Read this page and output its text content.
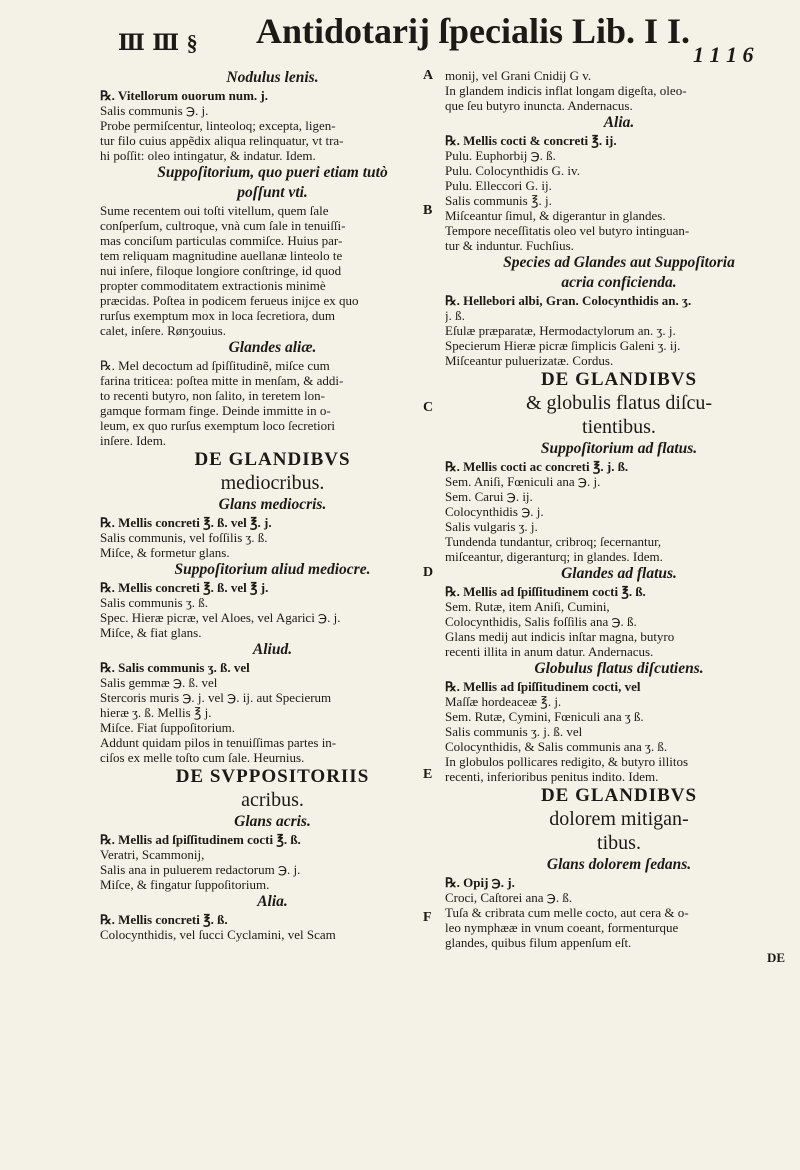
Ⅲ Ⅲ § Antidotarij ſpecialis Lib. I I.
1 1 1 6
A
B
C
D
E
F
Nodulus lenis.
℞. Vitellorum ouorum num. j.
Salis communis ℈. j.
Probe permiſcentur, linteoloq; excepta, ligen-
tur filo cuius appẽdix aliqua relinquatur, vt tra-
hi poſſit: oleo intingatur, & indatur. Idem.
Suppoſitorium, quo pueri etiam tutò
poſſunt vti.
Sume recentem oui toſti vitellum, quem ſale
conſperſum, cultroque, vnà cum ſale in tenuiſſi-
mas conciſum particulas commiſce. Huius par-
tem reliquam magnitudine auellanæ linteolo te
nui inſere, filoque longiore conſtringe, id quod
propter commoditatem extractionis minimè
præcidas. Poſtea in podicem ferueus inijce ex quo
rurſus exemptum mox in loca ſecretiora, dum
calet, inſere. Rønʒouius.
Glandes aliæ.
℞. Mel decoctum ad ſpiſſitudinẽ, miſce cum
farina triticea: poſtea mitte in menſam, & addi-
to recenti butyro, non ſalito, in teretem lon-
gamque formam finge. Deinde immitte in o-
leum, ex quo rurſus exemptum loco ſecretiori
inſere. Idem.
DE GLANDIBVS
mediocribus.
Glans mediocris.
℞. Mellis concreti ℥. ß. vel ℥. j.
Salis communis, vel foſſilis ʒ. ß.
Miſce, & formetur glans.
Suppoſitorium aliud mediocre.
℞. Mellis concreti ℥. ß. vel ℥ j.
Salis communis ʒ. ß.
Spec. Hieræ picræ, vel Aloes, vel Agarici ℈. j.
Miſce, & fiat glans.
Aliud.
℞. Salis communis ʒ. ß. vel
Salis gemmæ ℈. ß. vel
Stercoris muris ℈. j. vel ℈. ij. aut Specierum
hieræ ʒ. ß. Mellis ℥ j.
Miſce. Fiat ſuppoſitorium.
Addunt quidam pilos in tenuiſſimas partes in-
ciſos ex melle toſto cum ſale. Heurnius.
DE SVPPOSITORIIS
acribus.
Glans acris.
℞. Mellis ad ſpiſſitudinem cocti ℥. ß.
Veratri, Scammonij,
Salis ana in puluerem redactorum ℈. j.
Miſce, & fingatur ſuppoſitorium.
Alia.
℞. Mellis concreti ℥. ß.
Colocynthidis, vel ſucci Cyclamini, vel Scam
monij, vel Grani Cnidij G v.
In glandem indicis inflat longam digeſta, oleo-
que ſeu butyro inuncta. Andernacus.
Alia.
℞. Mellis cocti & concreti ℥. ij.
Pulu. Euphorbij ℈. ß.
Pulu. Colocynthidis G. iv.
Pulu. Elleccori G. ij.
Salis communis ℥. j.
Miſceantur ſimul, & digerantur in glandes.
Tempore neceſſitatis oleo vel butyro intinguan-
tur & induntur. Fuchſius.
Species ad Glandes aut Suppoſitoria
acria conficienda.
℞. Hellebori albi, Gran. Colocynthidis an. ʒ.
j. ß.
Eſulæ præparatæ, Hermodactylorum an. ʒ. j.
Specierum Hieræ picræ ſimplicis Galeni ʒ. ij.
Miſceantur puluerizatæ. Cordus.
DE GLANDIBVS
& globulis flatus diſcu-
tientibus.
Suppoſitorium ad flatus.
℞. Mellis cocti ac concreti ℥. j. ß.
Sem. Aniſi, Fœniculi ana ℈. j.
Sem. Carui ℈. ij.
Colocynthidis ℈. j.
Salis vulgaris ʒ. j.
Tundenda tundantur, cribroq; ſecernantur,
miſceantur, digeranturq; in glandes. Idem.
Glandes ad flatus.
℞. Mellis ad ſpiſſitudinem cocti ℥. ß.
Sem. Rutæ, item Aniſi, Cumini,
Colocynthidis, Salis foſſilis ana ℈. ß.
Glans medij aut indicis inſtar magna, butyro
recenti illita in anum datur. Andernacus.
Globulus flatus diſcutiens.
℞. Mellis ad ſpiſſitudinem cocti, vel
Maſſæ hordeaceæ ℥. j.
Sem. Rutæ, Cymini, Fœniculi ana ʒ ß.
Salis communis ʒ. j. ß. vel
Colocynthidis, & Salis communis ana ʒ. ß.
In globulos pollicares redigito, & butyro illitos
recenti, inferioribus penitus indito. Idem.
DE GLANDIBVS
dolorem mitigan-
tibus.
Glans dolorem ſedans.
℞. Opij ℈. j.
Croci, Caſtorei ana ℈. ß.
Tuſa & cribrata cum melle cocto, aut cera & o-
leo nymphææ in vnum coeant, formenturque
glandes, quibus filum appenſum eſt.
DE
